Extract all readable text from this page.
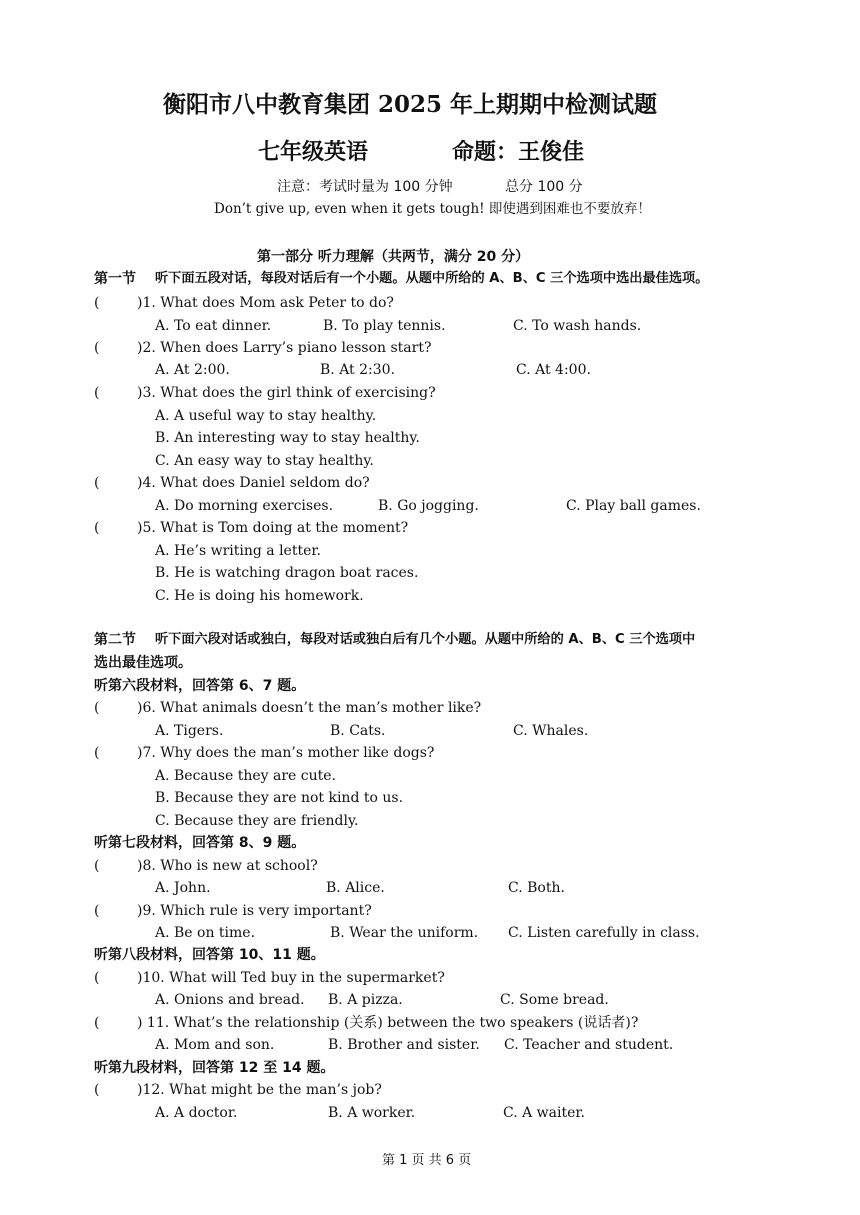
衡阳市八中教育集团 2025 年上期期中检测试题
七年级英语	命题：王俊佳
注意：考试时量为 100 分钟	总分 100 分
Don’t give up, even when it gets tough! 即使遇到困难也不要放弃！
第一部分 听力理解（共两节，满分 20 分）
第一节 听下面五段对话，每段对话后有一个小题。从题中所给的 A、B、C 三个选项中选出最佳选项。
(	)1. What does Mom ask Peter to do?
A. To eat dinner.	B. To play tennis.	C. To wash hands.
(	)2. When does Larry’s piano lesson start?
A. At 2:00.	B. At 2:30.	C. At 4:00.
(	)3. What does the girl think of exercising?
A. A useful way to stay healthy.
B. An interesting way to stay healthy.
C. An easy way to stay healthy.
(	)4. What does Daniel seldom do?
A. Do morning exercises.	B. Go jogging.	C. Play ball games.
(	)5. What is Tom doing at the moment?
A. He’s writing a letter.
B. He is watching dragon boat races.
C. He is doing his homework.
第二节 听下面六段对话或独白，每段对话或独白后有几个小题。从题中所给的 A、B、C 三个选项中
选出最佳选项。
听第六段材料，回答第 6、7 题。
(	)6. What animals doesn’t the man’s mother like?
A. Tigers.	B. Cats.	C. Whales.
(	)7. Why does the man’s mother like dogs?
A. Because they are cute.
B. Because they are not kind to us.
C. Because they are friendly.
听第七段材料，回答第 8、9 题。
(	)8. Who is new at school?
A. John.	B. Alice.	C. Both.
(	)9. Which rule is very important?
A. Be on time.	B. Wear the uniform. C. Listen carefully in class.
听第八段材料，回答第 10、11 题。
(	)10. What will Ted buy in the supermarket?
A. Onions and bread. B. A pizza.	C. Some bread.
(	) 11. What’s the relationship (关系) between the two speakers (说话者)?
A. Mom and son.	B. Brother and sister. C. Teacher and student.
听第九段材料，回答第 12 至 14 题。
(	)12. What might be the man’s job?
A. A doctor.	B. A worker.	C. A waiter.
第 1 页 共 6 页
